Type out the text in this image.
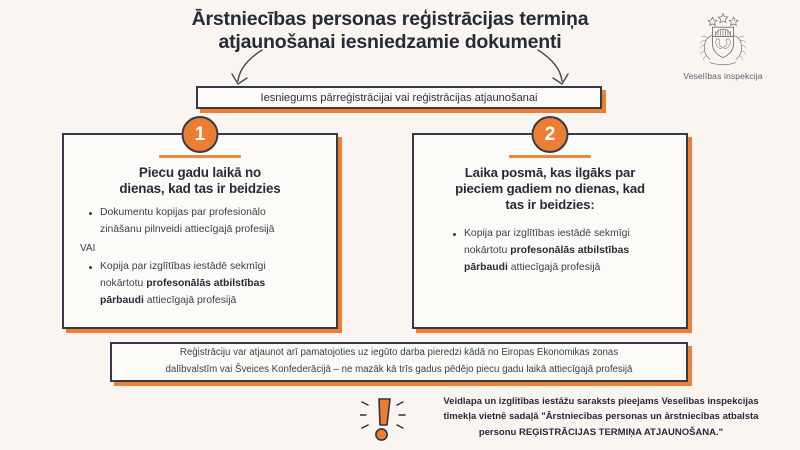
Ārstniecības personas reģistrācijas termiņa
atjaunošanai iesniedzamie dokumenti
Veselības inspekcija
Iesniegums pārreģistrācijai vai reģistrācijas atjaunošanai
1
Piecu gadu laikā no
dienas, kad tas ir beidzies
Dokumentu kopijas par profesionālo
zināšanu pilnveidi attiecīgajā profesijā
VAI
Kopija par izglītības iestādē sekmīgi
nokārtotu profesonālās atbilstības
pārbaudi attiecīgajā profesijā
2
Laika posmā, kas ilgāks par
pieciem gadiem no dienas, kad
tas ir beidzies:
Kopija par izglītības iestādē sekmīgi
nokārtotu profesonālās atbilstības
pārbaudi attiecīgajā profesijā
Reģistrāciju var atjaunot arī pamatojoties uz iegūto darba pieredzi kādā no Eiropas Ekonomikas zonas
dalībvalstīm vai Šveices Konfederācijā – ne mazāk kā trīs gadus pēdējo piecu gadu laikā attiecīgajā profesijā
Veidlapa un izglītības iestāžu saraksts pieejams Veselības inspekcijas
tīmekļa vietnē sadaļā "Ārstniecības personas un ārstniecības atbalsta
personu REĢISTRĀCIJAS TERMIŅA ATJAUNOŠANA."
